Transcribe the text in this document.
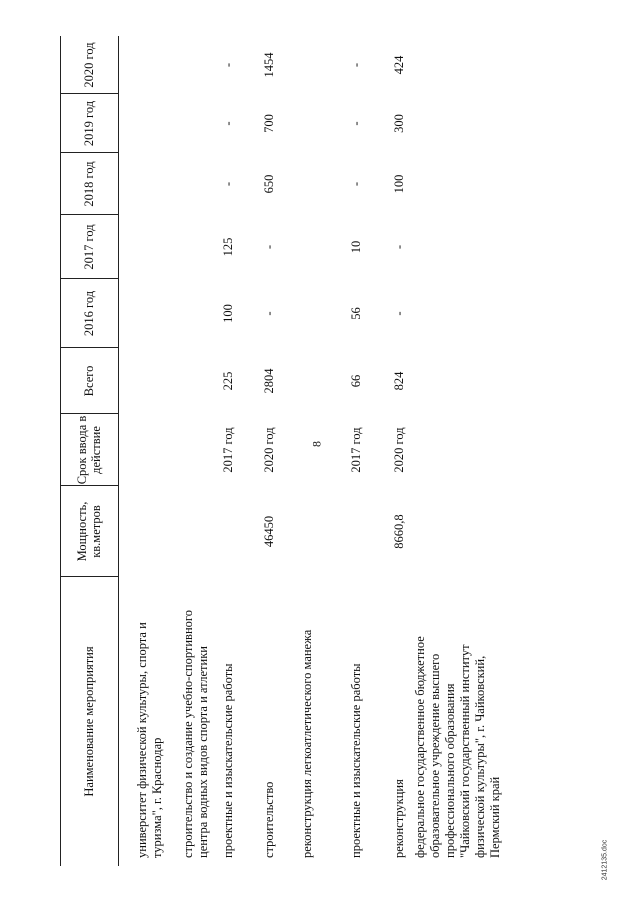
8
Наименование мероприятия
Мощность, кв.метров
Срок ввода в действие
Всего
2016 год
2017 год
2018 год
2019 год
2020 год
университет физической культуры, спорта и туризма", г. Краснодар строительство и создание учебно-спортивного центра водных видов спорта и атлетики проектные и изыскательские работы
2017 год
225
100
125
-
-
-
строительство
46450
2020 год
2804
-
-
650
700
1454
реконструкция легкоатлетического манежа	проектные и изыскательские работы
2017 год
66
56
10
-
-
-
реконструкция
8660,8
2020 год
824
-
-
100
300
424
федеральное государственное бюджетное образовательное учреждение высшего профессионального образования "Чайковский государственный институт физической культуры", г. Чайковский, Пермский край
2412135.doc
